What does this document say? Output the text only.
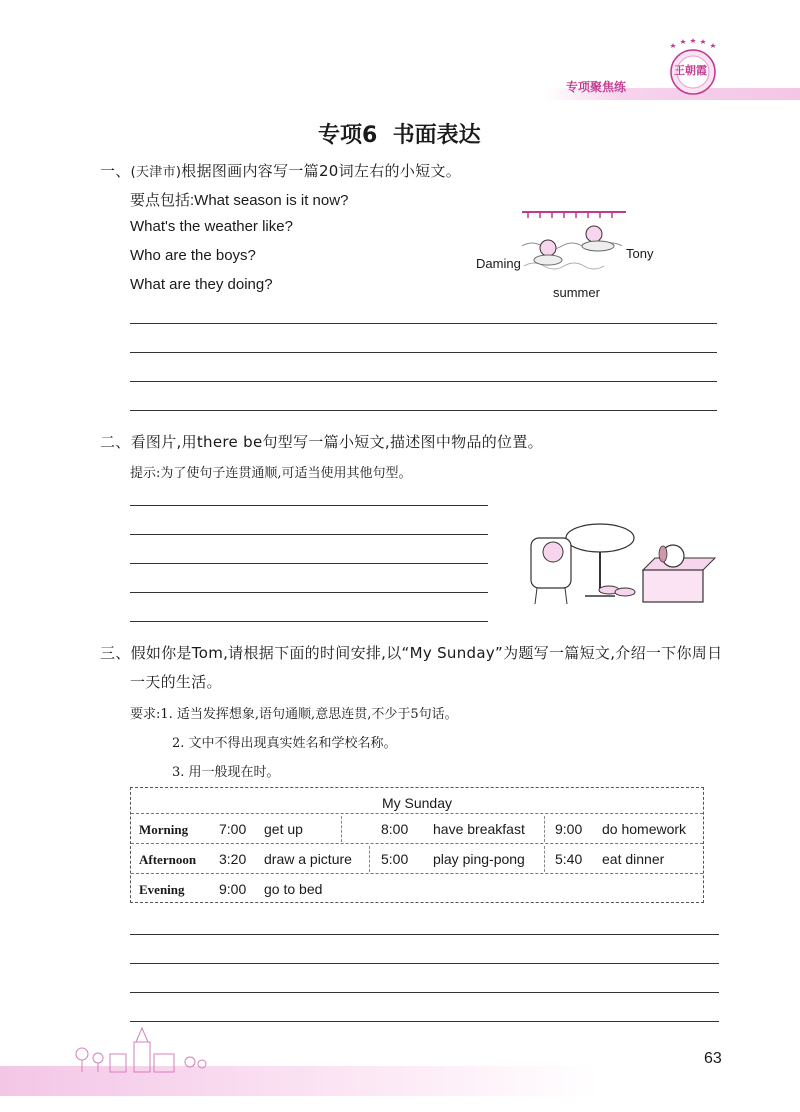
专项聚焦练
王朝霞
专项6  书面表达
一、(天津市)根据图画内容写一篇20词左右的小短文。
要点包括:What season is it now?
What's the weather like?
Who are the boys?
What are they doing?
Daming
Tony
summer
二、看图片,用there be句型写一篇小短文,描述图中物品的位置。
提示:为了使句子连贯通顺,可适当使用其他句型。
三、假如你是Tom,请根据下面的时间安排,以“My Sunday”为题写一篇短文,介绍一下你周日
一天的生活。
要求:1. 适当发挥想象,语句通顺,意思连贯,不少于5句话。
2. 文中不得出现真实姓名和学校名称。
3. 用一般现在时。
My Sunday
Morning 7:00 get up	8:00 have breakfast 9:00 do homework
Afternoon 3:20 draw a picture 5:00 play ping-pong 5:40 eat dinner
Evening 9:00 go to bed
63
